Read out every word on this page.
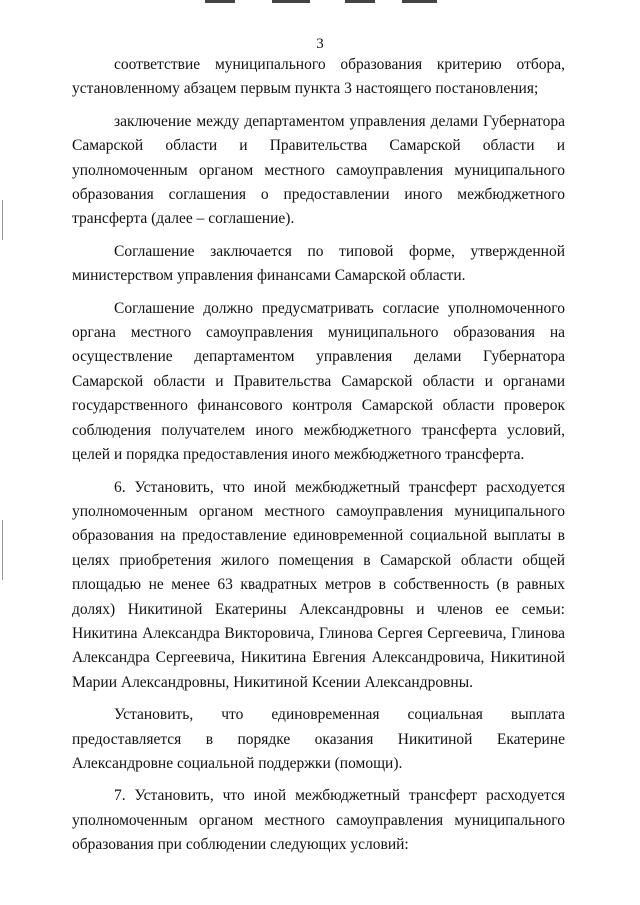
3

соответствие муниципального образования критерию отбора, установленному абзацем первым пункта 3 настоящего постановления;

заключение между департаментом управления делами Губернатора Самарской области и Правительства Самарской области и уполномоченным органом местного самоуправления муниципального образования соглашения о предоставлении иного межбюджетного трансферта (далее – соглашение).

Соглашение заключается по типовой форме, утвержденной министерством управления финансами Самарской области.

Соглашение должно предусматривать согласие уполномоченного органа местного самоуправления муниципального образования на осуществление департаментом управления делами Губернатора Самарской области и Правительства Самарской области и органами государственного финансового контроля Самарской области проверок соблюдения получателем иного межбюджетного трансферта условий, целей и порядка предоставления иного межбюджетного трансферта.

6. Установить, что иной межбюджетный трансферт расходуется уполномоченным органом местного самоуправления муниципального образования на предоставление единовременной социальной выплаты в целях приобретения жилого помещения в Самарской области общей площадью не менее 63 квадратных метров в собственность (в равных долях) Никитиной Екатерины Александровны и членов ее семьи: Никитина Александра Викторовича, Глинова Сергея Сергеевича, Глинова Александра Сергеевича, Никитина Евгения Александровича, Никитиной Марии Александровны, Никитиной Ксении Александровны.

Установить, что единовременная социальная выплата предоставляется в порядке оказания Никитиной Екатерине Александровне социальной поддержки (помощи).

7. Установить, что иной межбюджетный трансферт расходуется уполномоченным органом местного самоуправления муниципального образования при соблюдении следующих условий:
